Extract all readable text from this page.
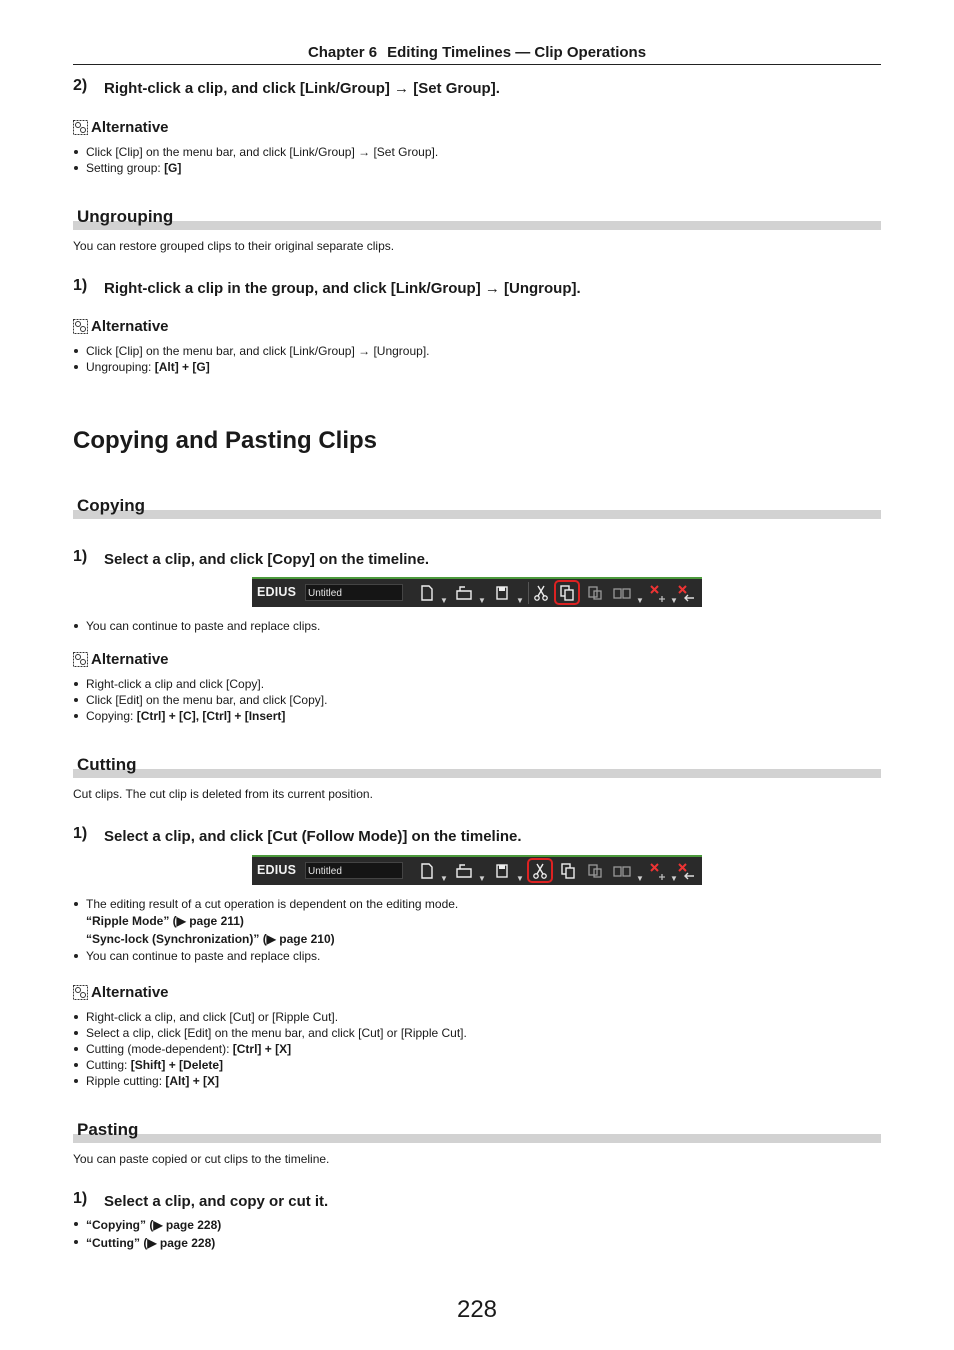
Chapter 6 Editing Timelines — Clip Operations
2) Right-click a clip, and click [Link/Group] → [Set Group].
Alternative
Click [Clip] on the menu bar, and click [Link/Group] → [Set Group].
Setting group: [G]
Ungrouping
You can restore grouped clips to their original separate clips.
1) Right-click a clip in the group, and click [Link/Group] → [Ungroup].
Alternative
Click [Clip] on the menu bar, and click [Link/Group] → [Ungroup].
Ungrouping: [Alt] + [G]
Copying and Pasting Clips
Copying
1) Select a clip, and click [Copy] on the timeline.
EDIUS	Untitled
▼	▼	▼	▼	▼
You can continue to paste and replace clips.
Alternative
Right-click a clip and click [Copy].
Click [Edit] on the menu bar, and click [Copy].
Copying: [Ctrl] + [C], [Ctrl] + [Insert]
Cutting
Cut clips. The cut clip is deleted from its current position.
1) Select a clip, and click [Cut (Follow Mode)] on the timeline.
EDIUS	Untitled
▼	▼	▼	▼	▼
The editing result of a cut operation is dependent on the editing mode.
“Ripple Mode” (▶ page 211)
“Sync-lock (Synchronization)” (▶ page 210)
You can continue to paste and replace clips.
Alternative
Right-click a clip, and click [Cut] or [Ripple Cut].
Select a clip, click [Edit] on the menu bar, and click [Cut] or [Ripple Cut].
Cutting (mode-dependent): [Ctrl] + [X]
Cutting: [Shift] + [Delete]
Ripple cutting: [Alt] + [X]
Pasting
You can paste copied or cut clips to the timeline.
1) Select a clip, and copy or cut it.
“Copying” (▶ page 228)
“Cutting” (▶ page 228)
228
